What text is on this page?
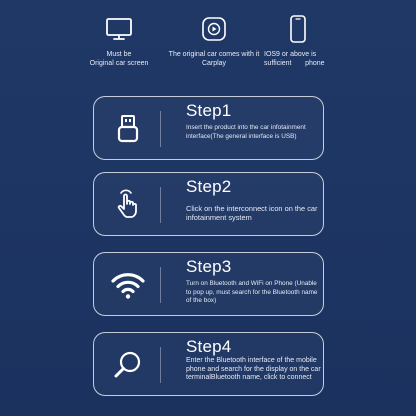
Must be
Original car screen
The original car comes with it
Carplay
IOS9 or above is
sufficient       phone
Step1
Insert the product into the car infotainment interface(The general interface is USB)
Step2
Click on the interconnect icon on the car infotainment system
Step3
Turn on Bluetooth and WiFi on Phone (Unable to pop up, must search for the Bluetooth name of the box)
Step4
Enter the Bluetooth interface of the mobile phone and search for the display on the car terminalBluetooth name, click to connect
